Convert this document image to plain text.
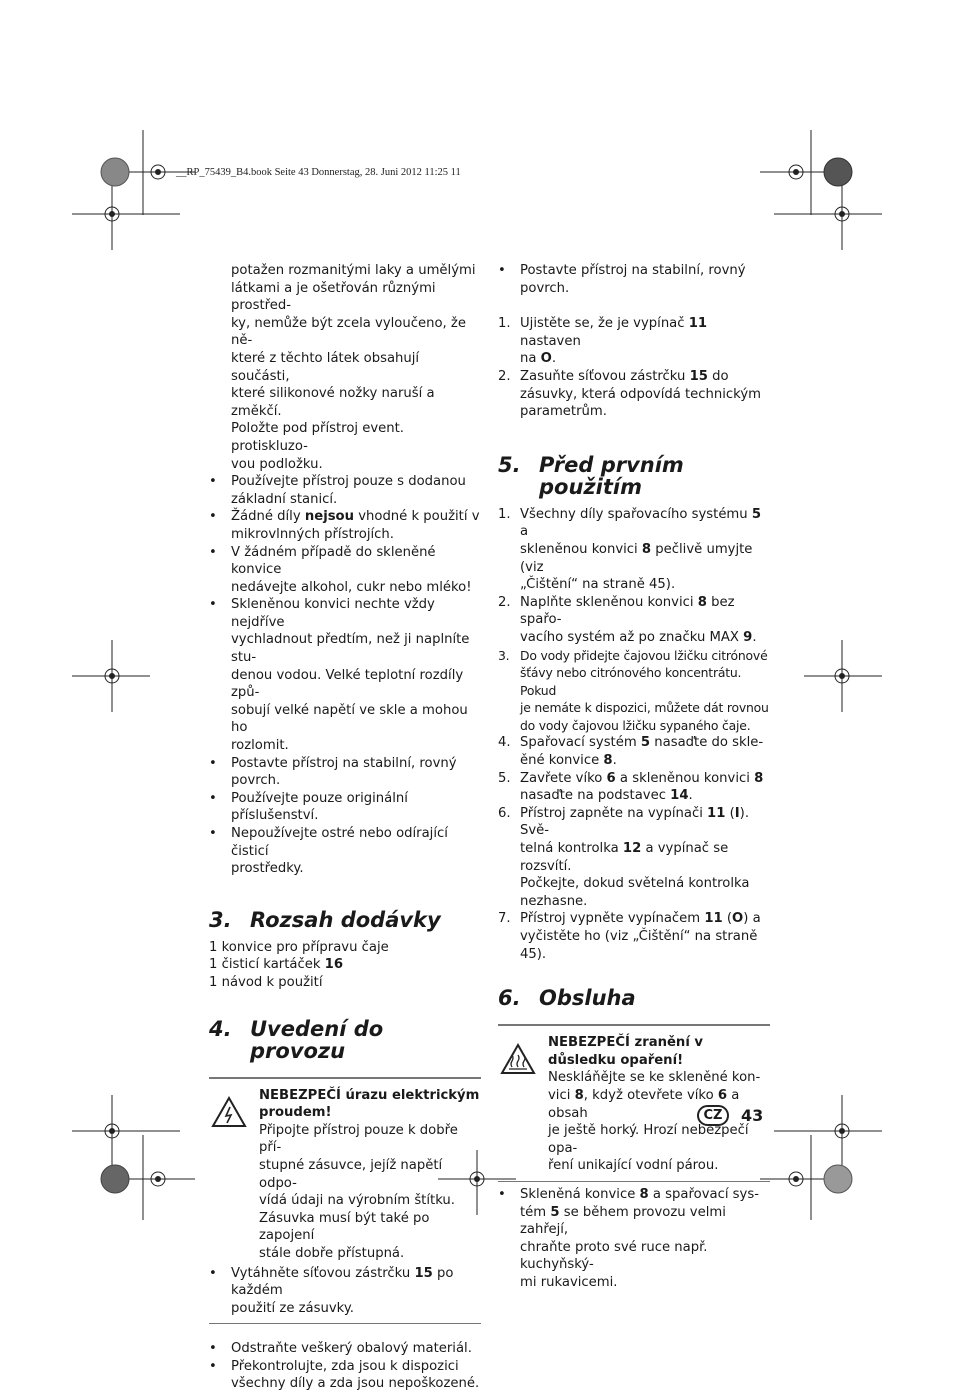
__RP_75439_B4.book Seite 43 Donnerstag, 28. Juni 2012 11:25 11
potažen rozmanitými laky a umělými
látkami a je ošetřován různými prostřed-
ky, nemůže být zcela vyloučeno, že ně-
které z těchto látek obsahují součásti,
které silikonové nožky naruší a změkčí.
Položte pod přístroj event. protiskluzo-
vou podložku.
• Používejte přístroj pouze s dodanou
základní stanicí.
• Žádné díly nejsou vhodné k použití v
mikrovlnných přístrojích.
• V žádném případě do skleněné konvice
nedávejte alkohol, cukr nebo mléko!
• Skleněnou konvici nechte vždy nejdříve
vychladnout předtím, než ji naplníte stu-
denou vodou. Velké teplotní rozdíly způ-
sobují velké napětí ve skle a mohou ho
rozlomit.
• Postavte přístroj na stabilní, rovný
povrch.
• Používejte pouze originální příslušenství.
• Nepoužívejte ostré nebo odírající čisticí
prostředky.
3. Rozsah dodávky

1 konvice pro přípravu čaje

1 čisticí kartáček 16

1 návod k použití

4. Uvedení do provozu
NEBEZPEČÍ úrazu elektrickým
proudem!
Připojte přístroj pouze k dobře pří-
stupné zásuvce, jejíž napětí odpo-
vídá údaji na výrobním štítku.
Zásuvka musí být také po zapojení
stále dobře přístupná.
• Vytáhněte síťovou zástrčku 15 po každém
použití ze zásuvky.
• Odstraňte veškerý obalový materiál.
• Překontrolujte, zda jsou k dispozici
všechny díly a zda jsou nepoškozené.
• Postavte přístroj na stabilní, rovný
povrch.
1. Ujistěte se, že je vypínač 11 nastaven
na O.
2. Zasuňte síťovou zástrčku 15 do
zásuvky, která odpovídá technickým
parametrům.
5. Před prvním
použitím
1. Všechny díly spařovacího systému 5 a
skleněnou konvici 8 pečlivě umyjte (viz
„Čištění“ na straně 45).
2. Naplňte skleněnou konvici 8 bez spařo-
vacího systém až po značku MAX 9.
3. Do vody přidejte čajovou lžičku citrónové
šťávy nebo citrónového koncentrátu. Pokud
je nemáte k dispozici, můžete dát rovnou
do vody čajovou lžičku sypaného čaje.
4. Spařovací systém 5 nasaďte do skle-
ěné konvice 8.
5. Zavřete víko 6 a skleněnou konvici 8
nasaďte na podstavec 14.
6. Přístroj zapněte na vypínači 11 (I). Svě-
telná kontrolka 12 a vypínač se rozsvítí.
Počkejte, dokud světelná kontrolka
nezhasne.
7. Přístroj vypněte vypínačem 11 (O) a
vyčistěte ho (viz „Čištění“ na straně 45).
6. Obsluha
NEBEZPEČÍ zranění v
důsledku opaření!
Neskláňějte se ke skleněné kon-
vici 8, když otevřete víko 6 a obsah
je ještě horký. Hrozí nebezpečí opa-
ření unikající vodní párou.
• Skleněná konvice 8 a spařovací sys-
tém 5 se během provozu velmi zahřejí,
chraňte proto své ruce např. kuchyňský-
mi rukavicemi.
CZ	43
